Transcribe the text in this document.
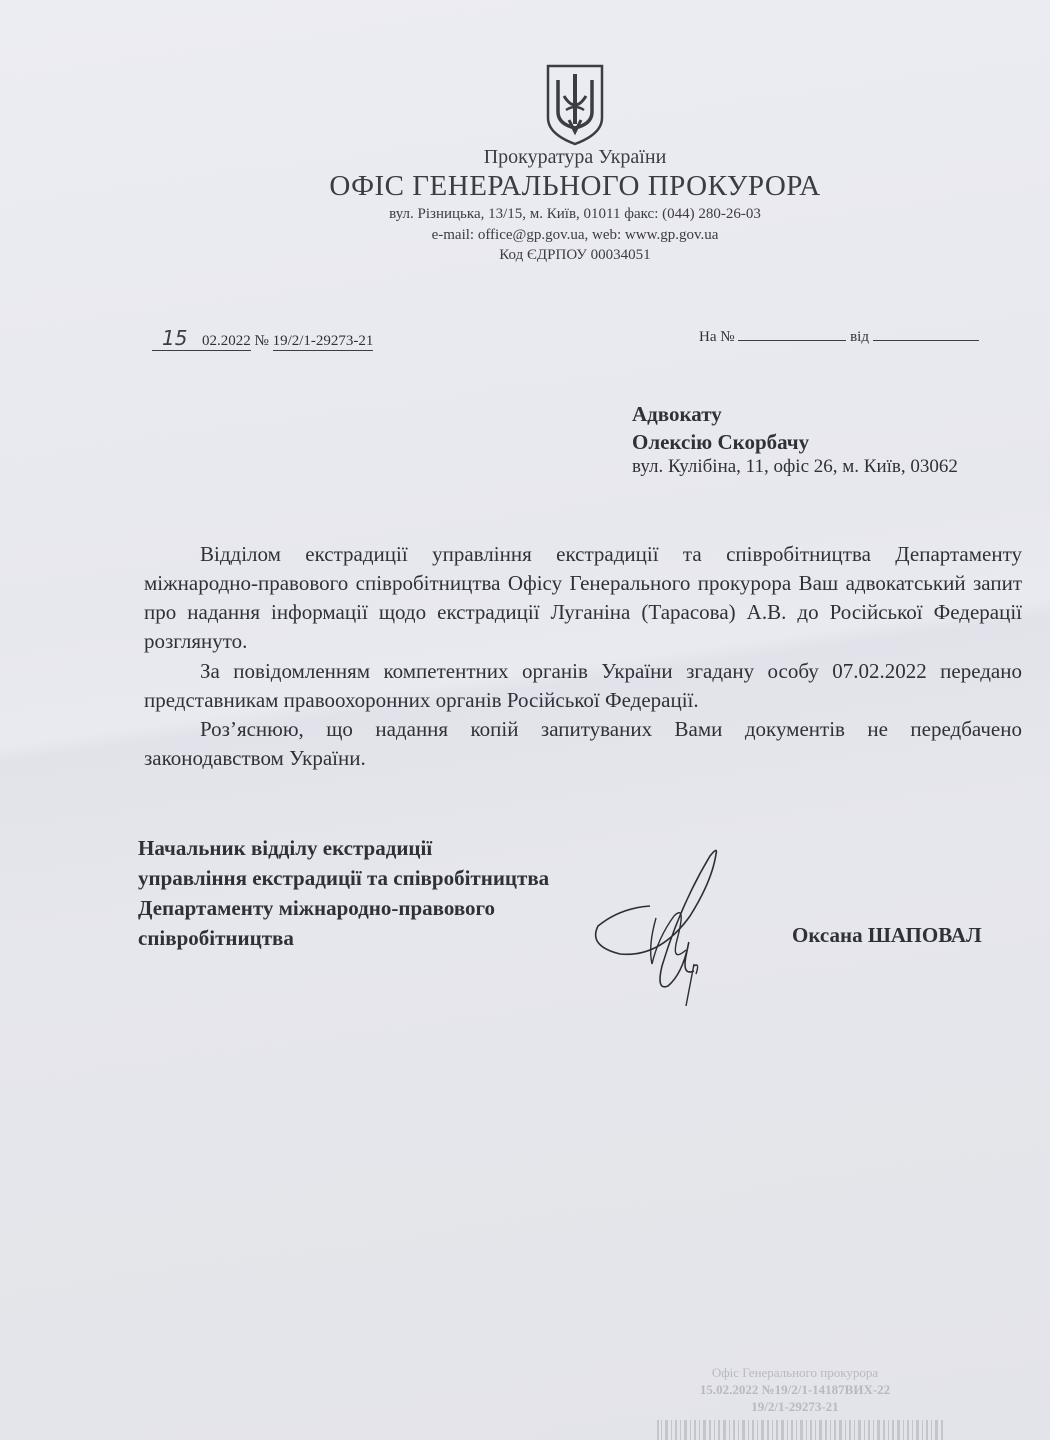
Прокуратура України
ОФІС ГЕНЕРАЛЬНОГО ПРОКУРОРА
вул. Різницька, 13/15, м. Київ, 01011 факс: (044) 280-26-03
e-mail: office@gp.gov.ua, web: www.gp.gov.ua
Код ЄДРПОУ 00034051
15 02.2022 № 19/2/1-29273-21	На №	від
Адвокату
Олексію Скорбачу
вул. Кулібіна, 11, офіс 26, м. Київ, 03062

Відділом екстрадиції управління екстрадиції та співробітництва Департаменту міжнародно-правового співробітництва Офісу Генерального прокурора Ваш адвокатський запит про надання інформації щодо екстрадиції Луганіна (Тарасова) А.В. до Російської Федерації розглянуто.

За повідомленням компетентних органів України згадану особу 07.02.2022 передано представникам правоохоронних органів Російської Федерації.

Роз’яснюю, що надання копій запитуваних Вами документів не передбачено законодавством України.

Начальник відділу екстрадиції
управління екстрадиції та співробітництва
Департаменту міжнародно-правового
співробітництва	Оксана ШАПОВАЛ
Офіс Генерального прокурора
15.02.2022 №19/2/1-14187ВИХ-22
19/2/1-29273-21
